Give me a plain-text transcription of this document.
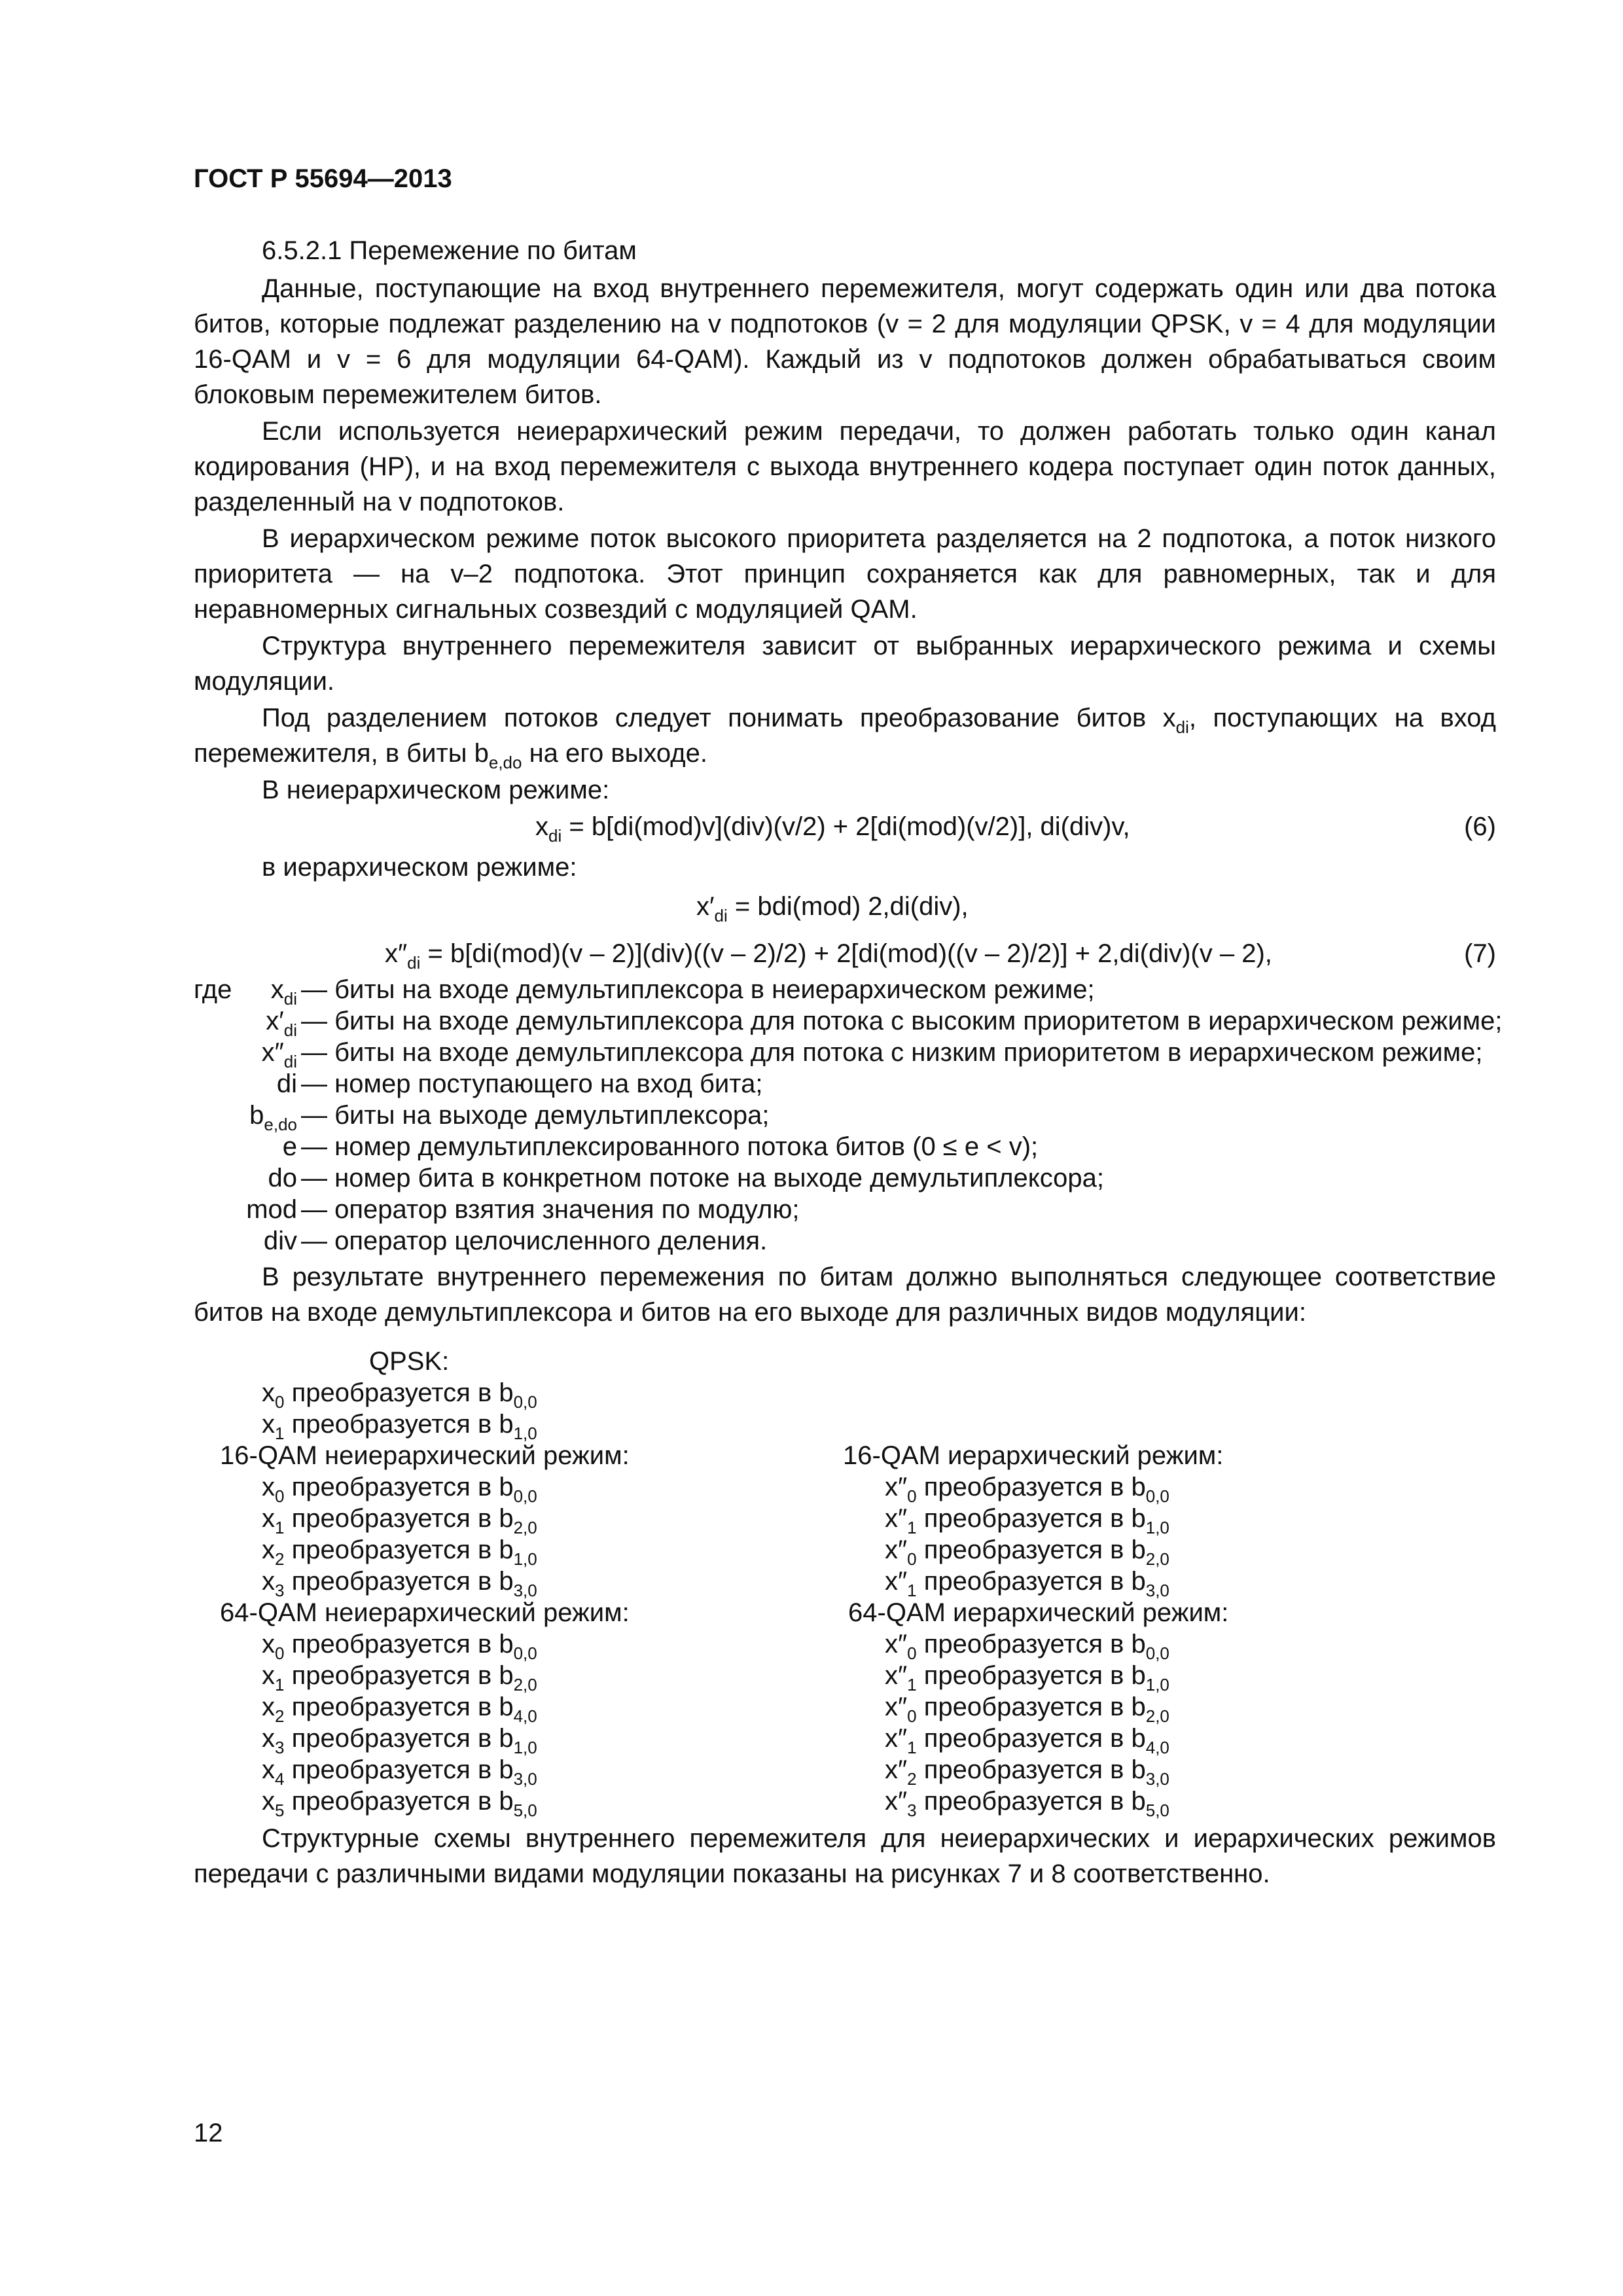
ГОСТ Р 55694—2013

6.5.2.1 Перемежение по битам

Данные, поступающие на вход внутреннего перемежителя, могут содержать один или два потока битов, которые подлежат разделению на v подпотоков (v = 2 для модуляции QPSK, v = 4 для модуляции 16-QAM и v = 6 для модуляции 64-QAM). Каждый из v подпотоков должен обрабатываться своим блоковым перемежителем битов.

Если используется неиерархический режим передачи, то должен работать только один канал кодирования (HP), и на вход перемежителя с выхода внутреннего кодера поступает один поток данных, разделенный на v подпотоков.

В иерархическом режиме поток высокого приоритета разделяется на 2 подпотока, а поток низкого приоритета — на v–2 подпотока. Этот принцип сохраняется как для равномерных, так и для неравномерных сигнальных созвездий с модуляцией QAM.

Структура внутреннего перемежителя зависит от выбранных иерархического режима и схемы модуляции.

Под разделением потоков следует понимать преобразование битов $x_{di}$, поступающих на вход перемежителя, в биты $b_{e,do}$ на его выходе.

В неиерархическом режиме:

$x_{di} = b[di(mod)v](div)(v/2) + 2[di(mod)(v/2)]$, di(div)v,	(6)

в иерархическом режиме:

$x'_{di} = bdi(mod)$ 2,di(div),
$x''_{di} = b[di(mod)(v - 2)](div)((v - 2)/2) + 2[di(mod)((v - 2)/2)] + 2,di(div)(v - 2)$,	(7)
где $x_{di}$ — биты на входе демультиплексора в неиерархическом режиме;
$x'_{di}$ — биты на входе демультиплексора для потока с высоким приоритетом в иерархическом режиме;
$x''_{di}$ — биты на входе демультиплексора для потока с низким приоритетом в иерархическом режиме;
di — номер поступающего на вход бита;
$b_{e,do}$ — биты на выходе демультиплексора;
e — номер демультиплексированного потока битов (0 ≤ e < v);
do — номер бита в конкретном потоке на выходе демультиплексора;
mod — оператор взятия значения по модулю;
div — оператор целочисленного деления.

В результате внутреннего перемежения по битам должно выполняться следующее соответствие битов на входе демультиплексора и битов на его выходе для различных видов модуляции:

QPSK:
$x_0$ преобразуется в $b_{0,0}$
$x_1$ преобразуется в $b_{1,0}$
16-QAM неиерархический режим:
$x_0$ преобразуется в $b_{0,0}$
$x_1$ преобразуется в $b_{2,0}$
$x_2$ преобразуется в $b_{1,0}$
$x_3$ преобразуется в $b_{3,0}$
16-QAM иерархический режим:
$x''_0$ преобразуется в $b_{0,0}$
$x''_1$ преобразуется в $b_{1,0}$
$x''_0$ преобразуется в $b_{2,0}$
$x''_1$ преобразуется в $b_{3,0}$
64-QAM неиерархический режим:
$x_0$ преобразуется в $b_{0,0}$
$x_1$ преобразуется в $b_{2,0}$
$x_2$ преобразуется в $b_{4,0}$
$x_3$ преобразуется в $b_{1,0}$
$x_4$ преобразуется в $b_{3,0}$
$x_5$ преобразуется в $b_{5,0}$
64-QAM иерархический режим:
$x''_0$ преобразуется в $b_{0,0}$
$x''_1$ преобразуется в $b_{1,0}$
$x''_0$ преобразуется в $b_{2,0}$
$x''_1$ преобразуется в $b_{4,0}$
$x''_2$ преобразуется в $b_{3,0}$
$x''_3$ преобразуется в $b_{5,0}$

Структурные схемы внутреннего перемежителя для неиерархических и иерархических режимов передачи с различными видами модуляции показаны на рисунках 7 и 8 соответственно.

12
